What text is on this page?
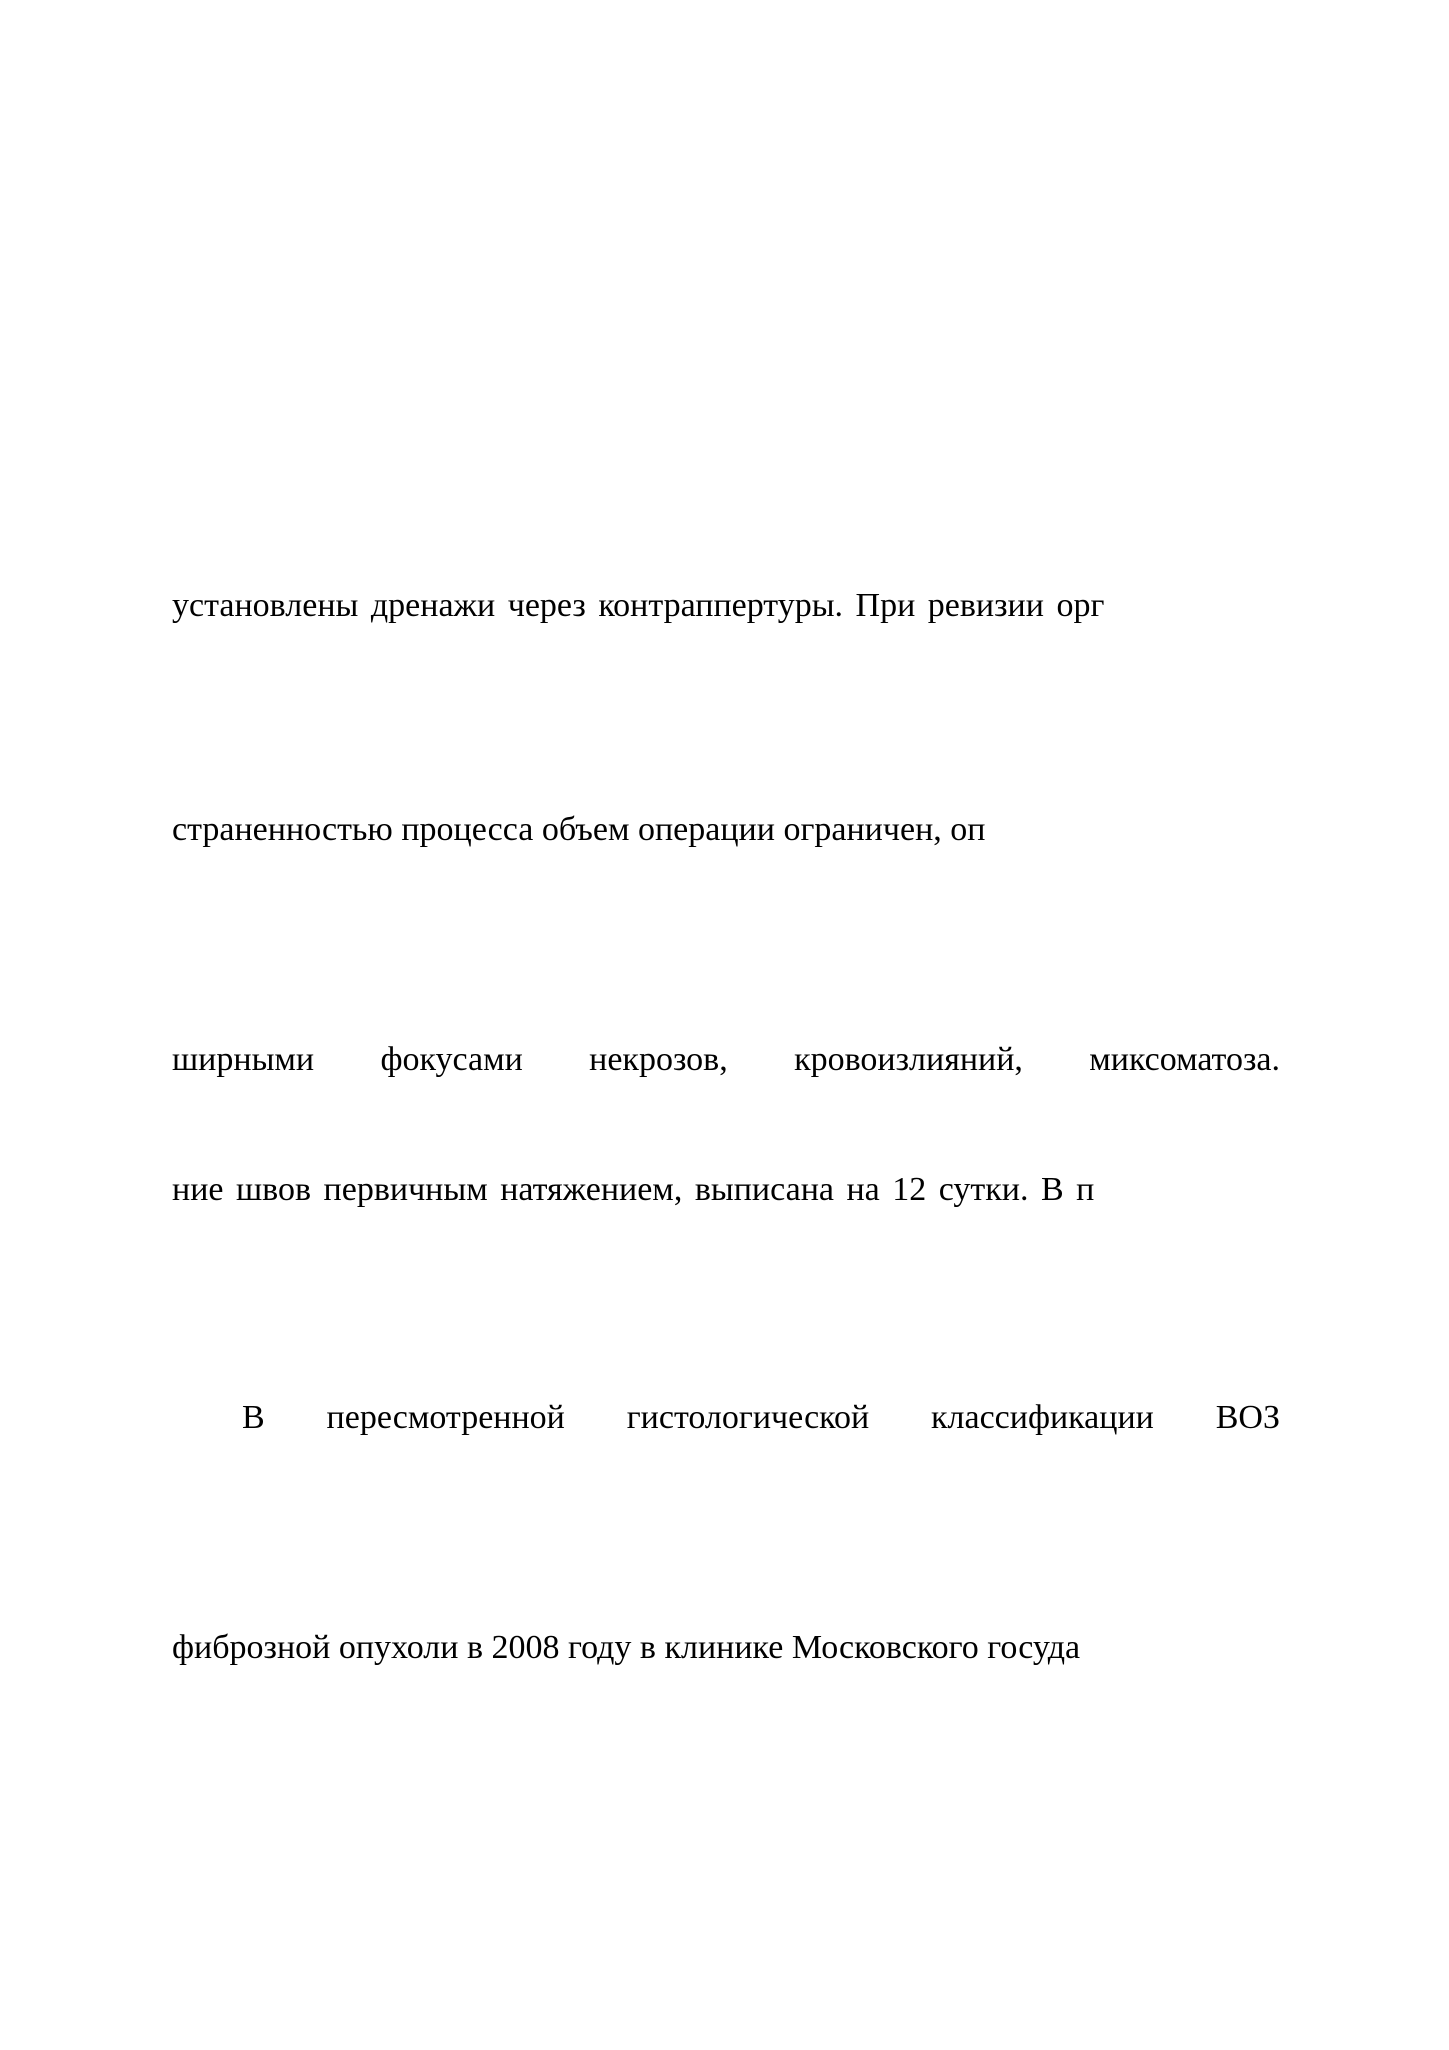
установлены дренажи через контраппертуры. При ревизии орг
страненностью процесса объем операции ограничен, оп
ширными фокусами некрозов, кровоизлияний, миксоматоза.
ние швов первичным натяжением, выписана на 12 сутки. В п
В пересмотренной гистологической классификации ВОЗ
фиброзной опухоли в 2008 году в клинике Московского госуда
